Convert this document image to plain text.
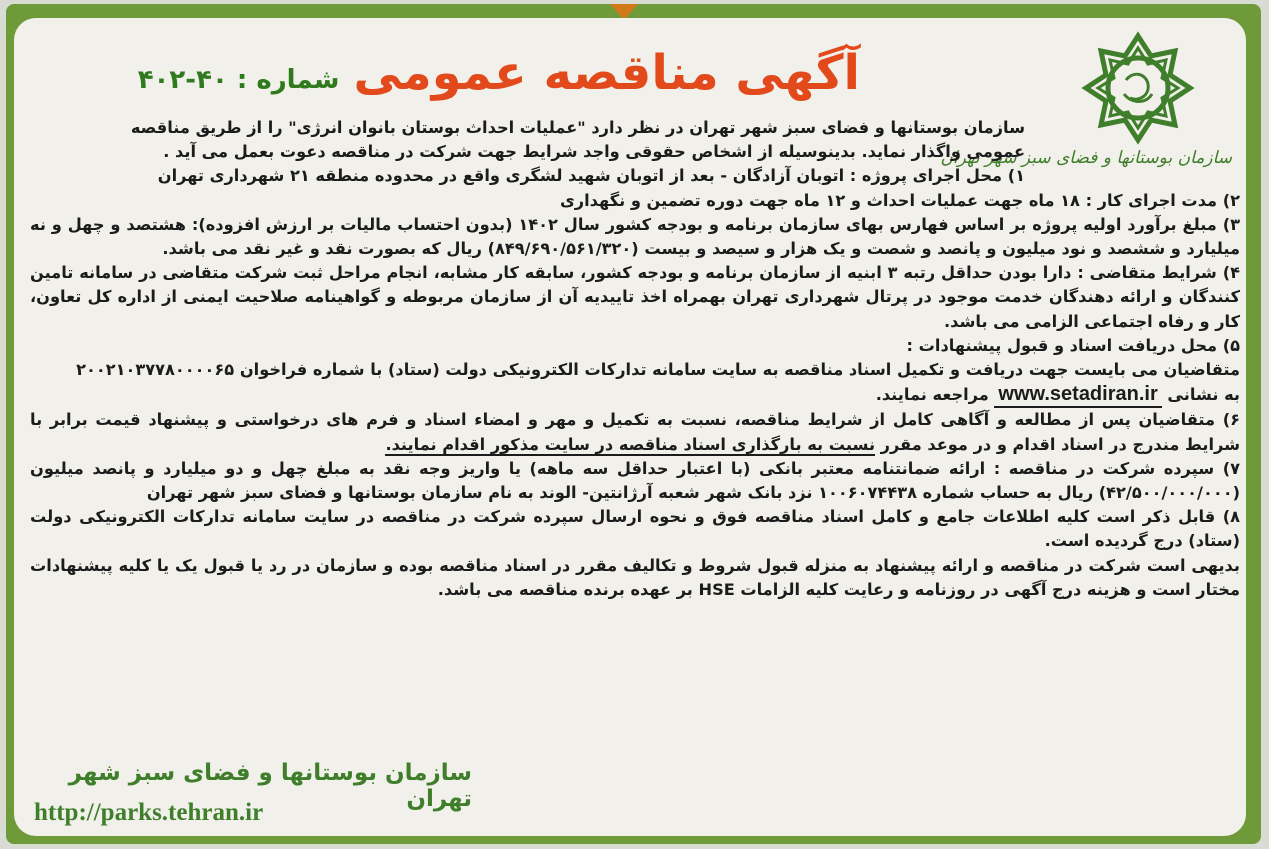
سازمان بوستانها و فضای سبز شهر تهران
آگهی مناقصه عمومی
شماره : ۴۰-۴۰۲

سازمان بوستانها و فضای سبز شهر تهران در نظر دارد "عملیات احداث بوستان بانوان انرژی" را از طریق مناقصه

عمومی واگذار نماید. بدینوسیله از اشخاص حقوقی واجد شرایط جهت شرکت در مناقصه دعوت بعمل می آید .

۱) محل اجرای پروژه : اتوبان آزادگان - بعد از اتوبان شهید لشگری واقع در محدوده منطقه ۲۱ شهرداری تهران

۲) مدت اجرای کار : ۱۸ ماه جهت عملیات احداث و ۱۲ ماه جهت دوره تضمین و نگهداری

۳) مبلغ برآورد اولیه پروژه بر اساس فهارس بهای سازمان برنامه و بودجه کشور سال ۱۴۰۲ (بدون احتساب مالیات بر ارزش افزوده): هشتصد و چهل و نه میلیارد و ششصد و نود میلیون و پانصد و شصت و یک هزار و سیصد و بیست (۸۴۹/۶۹۰/۵۶۱/۳۲۰) ریال که بصورت نقد و غیر نقد می باشد.

۴) شرایط متقاضی : دارا بودن حداقل رتبه ۳ ابنیه از سازمان برنامه و بودجه کشور، سابقه کار مشابه، انجام مراحل ثبت شرکت متقاضی در سامانه تامین کنندگان و ارائه دهندگان خدمت موجود در پرتال شهرداری تهران بهمراه اخذ تاییدیه آن از سازمان مربوطه و گواهینامه صلاحیت ایمنی از اداره کل تعاون، کار و رفاه اجتماعی الزامی می باشد.

۵) محل دریافت اسناد و قبول پیشنهادات :

متقاضیان می بایست جهت دریافت و تکمیل اسناد مناقصه به سایت سامانه تدارکات الکترونیکی دولت (ستاد) با شماره فراخوان ۲۰۰۲۱۰۳۷۷۸۰۰۰۰۶۵

به نشانی www.setadiran.ir مراجعه نمایند.

۶) متقاضیان پس از مطالعه و آگاهی کامل از شرایط مناقصه، نسبت به تکمیل و مهر و امضاء اسناد و فرم های درخواستی و پیشنهاد قیمت برابر با شرایط مندرج در اسناد اقدام و در موعد مقرر نسبت به بارگذاری اسناد مناقصه در سایت مذکور اقدام نمایند.

۷) سپرده شرکت در مناقصه : ارائه ضمانتنامه معتبر بانکی (با اعتبار حداقل سه ماهه) یا واریز وجه نقد به مبلغ چهل و دو میلیارد و پانصد میلیون (۴۲/۵۰۰/۰۰۰/۰۰۰) ریال به حساب شماره ۱۰۰۶۰۷۴۴۳۸ نزد بانک شهر شعبه آرژانتین- الوند به نام سازمان بوستانها و فضای سبز شهر تهران

۸) قابل ذکر است کلیه اطلاعات جامع و کامل اسناد مناقصه فوق و نحوه ارسال سپرده شرکت در مناقصه در سایت سامانه تدارکات الکترونیکی دولت (ستاد) درج گردیده است.

بدیهی است شرکت در مناقصه و ارائه پیشنهاد به منزله قبول شروط و تکالیف مقرر در اسناد مناقصه بوده و سازمان در رد یا قبول یک یا کلیه پیشنهادات مختار است و هزینه درج آگهی در روزنامه و رعایت کلیه الزامات HSE بر عهده برنده مناقصه می باشد.

سازمان بوستانها و فضای سبز شهر تهران
http://parks.tehran.ir
